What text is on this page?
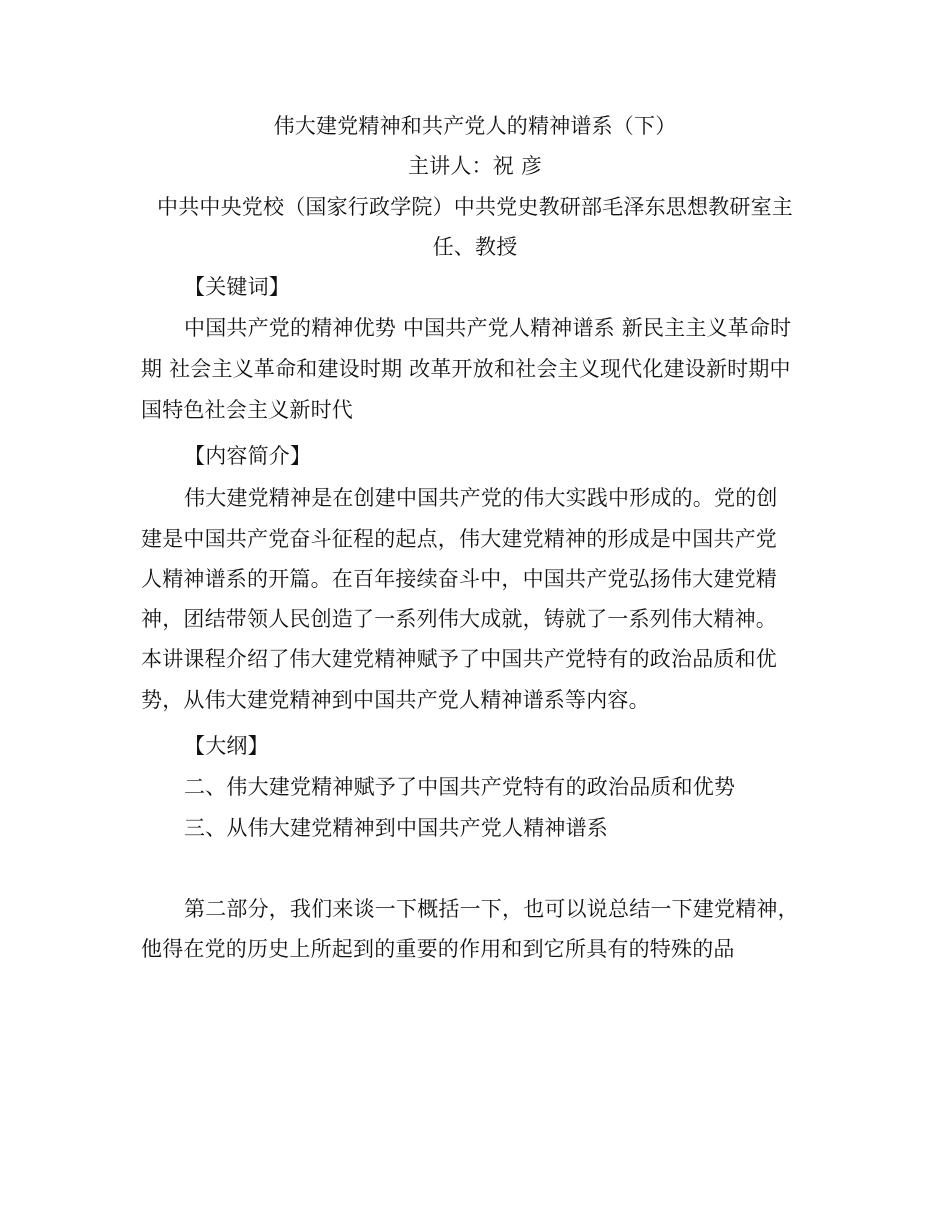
伟大建党精神和共产党人的精神谱系（下）
主讲人：祝 彦
中共中央党校（国家行政学院）中共党史教研部毛泽东思想教研室主
任、教授
【关键词】
中国共产党的精神优势 中国共产党人精神谱系 新民主主义革命时
期 社会主义革命和建设时期 改革开放和社会主义现代化建设新时期中
国特色社会主义新时代
【内容简介】
伟大建党精神是在创建中国共产党的伟大实践中形成的。党的创
建是中国共产党奋斗征程的起点，伟大建党精神的形成是中国共产党
人精神谱系的开篇。在百年接续奋斗中，中国共产党弘扬伟大建党精
神，团结带领人民创造了一系列伟大成就，铸就了一系列伟大精神。
本讲课程介绍了伟大建党精神赋予了中国共产党特有的政治品质和优
势，从伟大建党精神到中国共产党人精神谱系等内容。
【大纲】
二、伟大建党精神赋予了中国共产党特有的政治品质和优势
三、从伟大建党精神到中国共产党人精神谱系
第二部分，我们来谈一下概括一下，也可以说总结一下建党精神，
他得在党的历史上所起到的重要的作用和到它所具有的特殊的品
